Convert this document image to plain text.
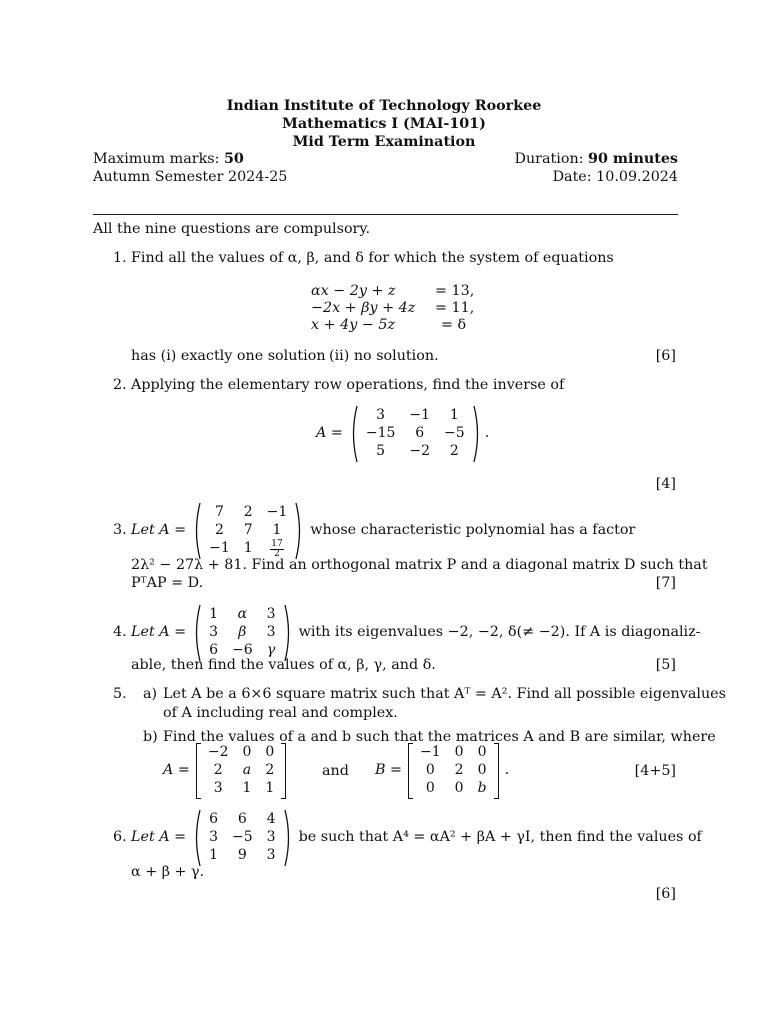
Indian Institute of Technology Roorkee
Mathematics I (MAI-101)
Mid Term Examination
Maximum marks: 50	Duration: 90 minutes
Autumn Semester 2024-25	Date: 10.09.2024
All the nine questions are compulsory.
1. Find all the values of α, β, and δ for which the system of equations
αx − 2y + z	= 13,
−2x + βy + 4z = 11,
x + 4y − 5z	= δ
has (i) exactly one solution (ii) no solution.	[6]
2. Applying the elementary row operations, find the inverse of
A =
3	−1	1
−15	6	−5
5	−2	2
.
[4]
3. Let A =
7	2	−1
2	7	1
−1	1	$\frac{17}{2}$
whose characteristic polynomial has a factor
2λ² − 27λ + 81. Find an orthogonal matrix P and a diagonal matrix D such that
PᵀAP = D.	[7]
4. Let A =
1	α	3
3	β	3
6	−6	γ
with its eigenvalues −2, −2, δ(≠ −2). If A is diagonaliz-
able, then find the values of α, β, γ, and δ.	[5]
5. a) Let A be a 6×6 square matrix such that Aᵀ = A². Find all possible eigenvalues
of A including real and complex.
b) Find the values of a and b such that the matrices A and B are similar, where
A =
−2	0	0
2	a	2
3	1	1
and B =
−1	0	0
0	2	0
0	0	b
.	[4+5]
6. Let A =
6	6	4
3	−5	3
1	9	3
be such that A⁴ = αA² + βA + γI, then find the values of
α + β + γ.
[6]
